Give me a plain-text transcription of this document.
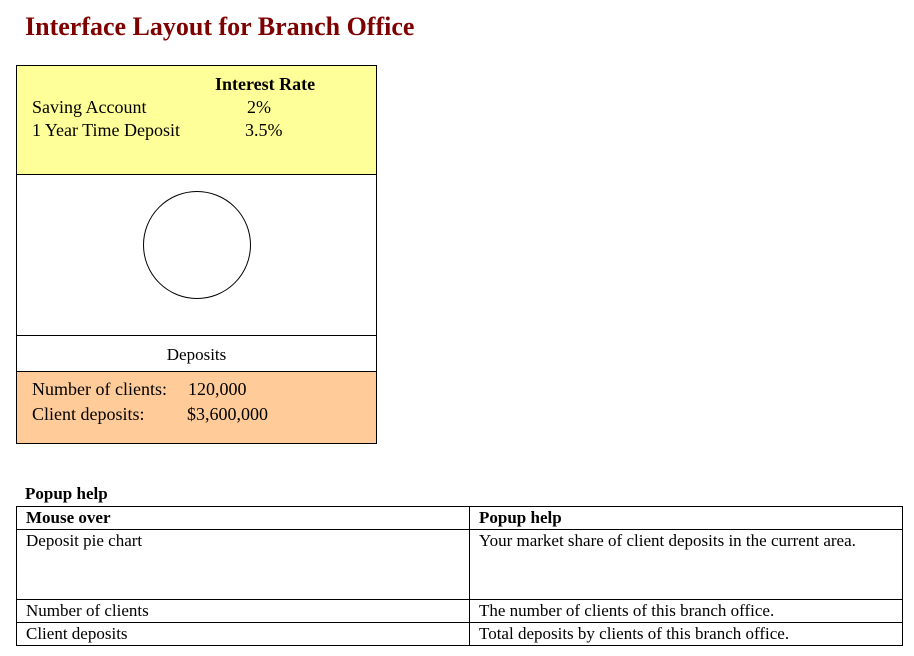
Interface Layout for Branch Office
Interest Rate
Saving Account	2%
1 Year Time Deposit	3.5%
Deposits
Number of clients: 120,000
Client deposits: $3,600,000
Popup help
Mouse over	Popup help
Deposit pie chart	Your market share of client deposits in the current area.
Number of clients	The number of clients of this branch office.
Client deposits	Total deposits by clients of this branch office.
